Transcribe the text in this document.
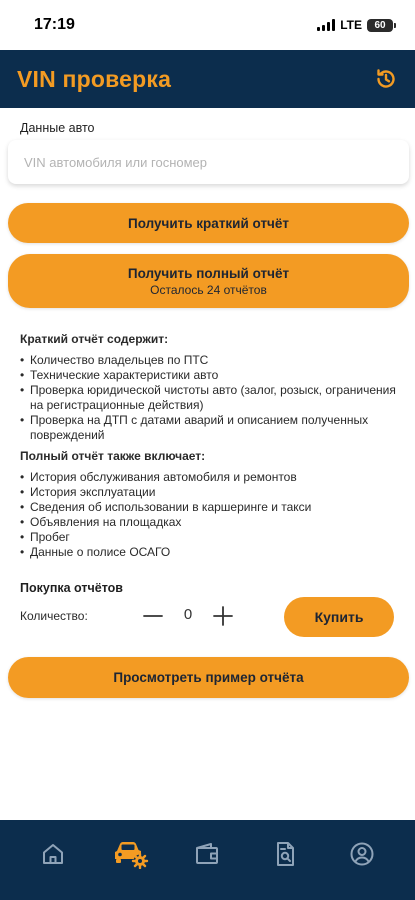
17:19	LTE	60
VIN проверка
Данные авто
VIN автомобиля или госномер
Получить краткий отчёт
Получить полный отчёт
Осталось 24 отчётов
Краткий отчёт содержит:
• Количество владельцев по ПТС
• Технические характеристики авто
• Проверка юридической чистоты авто (залог, розыск, ограничения на регистрационные действия)
• Проверка на ДТП с датами аварий и описанием полученных повреждений
Полный отчёт также включает:
• История обслуживания автомобиля и ремонтов
• История эксплуатации
• Сведения об использовании в каршеринге и такси
• Объявления на площадках
• Пробег
• Данные о полисе ОСАГО
Покупка отчётов
Количество:	0	Купить
Просмотреть пример отчёта
